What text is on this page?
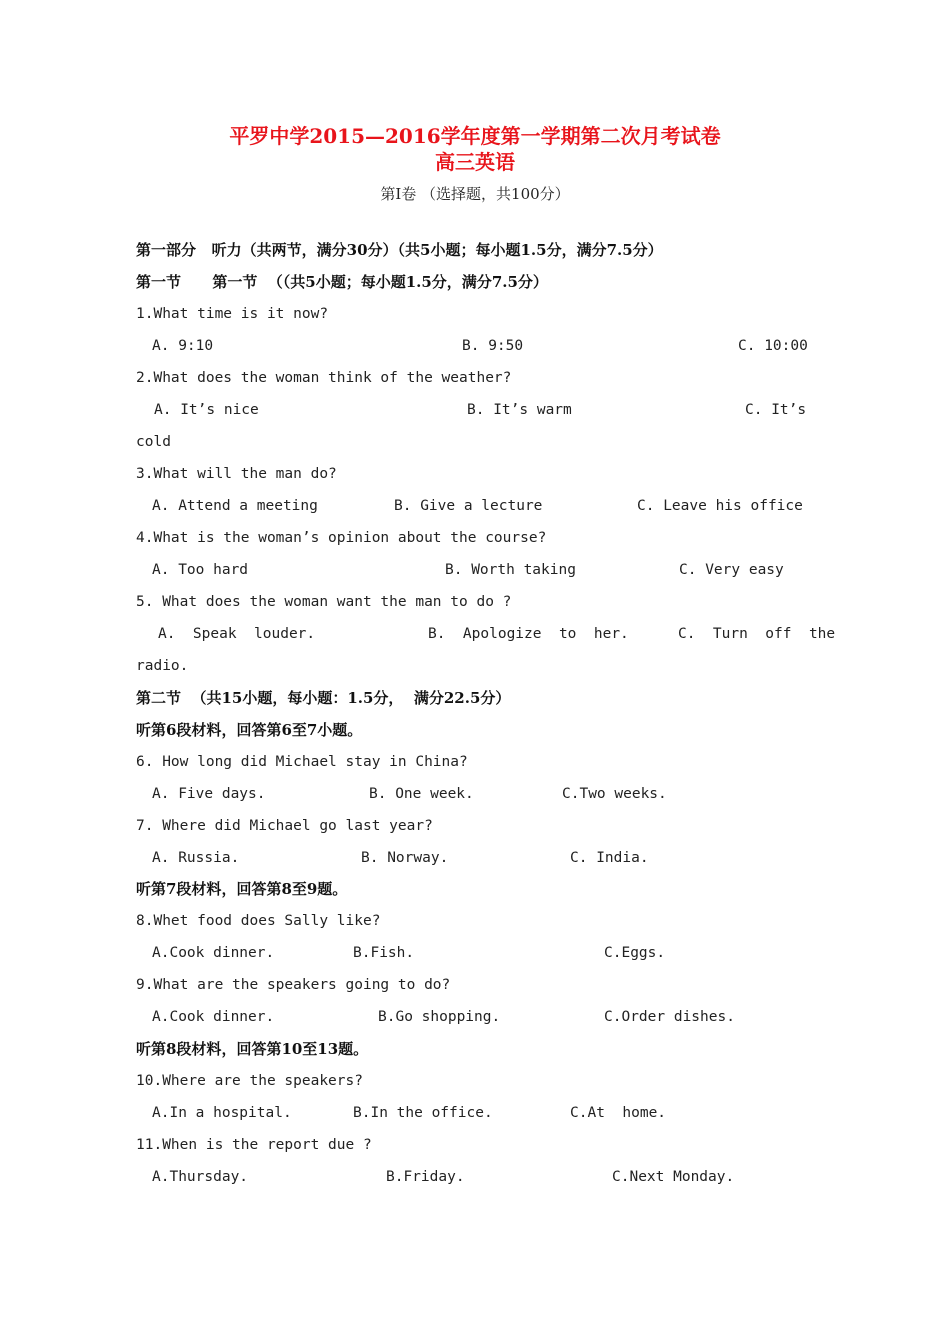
平罗中学2015—2016学年度第一学期第二次月考试卷
高三英语
第Ⅰ卷 （选择题，共100分）
第一部分   听力（共两节，满分30分）（共5小题；每小题1.5分，满分7.5分）
第一节      第一节  （（共5小题；每小题1.5分，满分7.5分）
1.What time is it now?

A. 9:10

	B. 9:50

	C. 10:00

2.What does the woman think of the weather?

A. It’s nice

	B. It’s warm

	C. It’s

cold
3.What will the man do?

A. Attend a meeting

	B. Give a lecture

	C. Leave his office

4.What is the woman’s opinion about the course?

A. Too hard

	B. Worth taking

	C. Very easy

5. What does the woman want the man to do ?

A.  Speak  louder.

	B.  Apologize  to  her.

	C.  Turn  off  the

radio.
第二节  （共15小题，每小题：1.5分，  满分22.5分）
听第6段材料，回答第6至7小题。
6. How long did Michael stay in China?

A. Five days.

	B. One week.

	C.Two weeks.

7. Where did Michael go last year?

A. Russia.

	B. Norway.

	C. India.

听第7段材料，回答第8至9题。
8.Whet food does Sally like?

A.Cook dinner.

	B.Fish.

	C.Eggs.

9.What are the speakers going to do?

A.Cook dinner.

	B.Go shopping.

	C.Order dishes.

听第8段材料，回答第10至13题。
10.Where are the speakers?

A.In a hospital.

	B.In the office.

	C.At  home.

11.When is the report due ?

A.Thursday.

	B.Friday.

	C.Next Monday.
